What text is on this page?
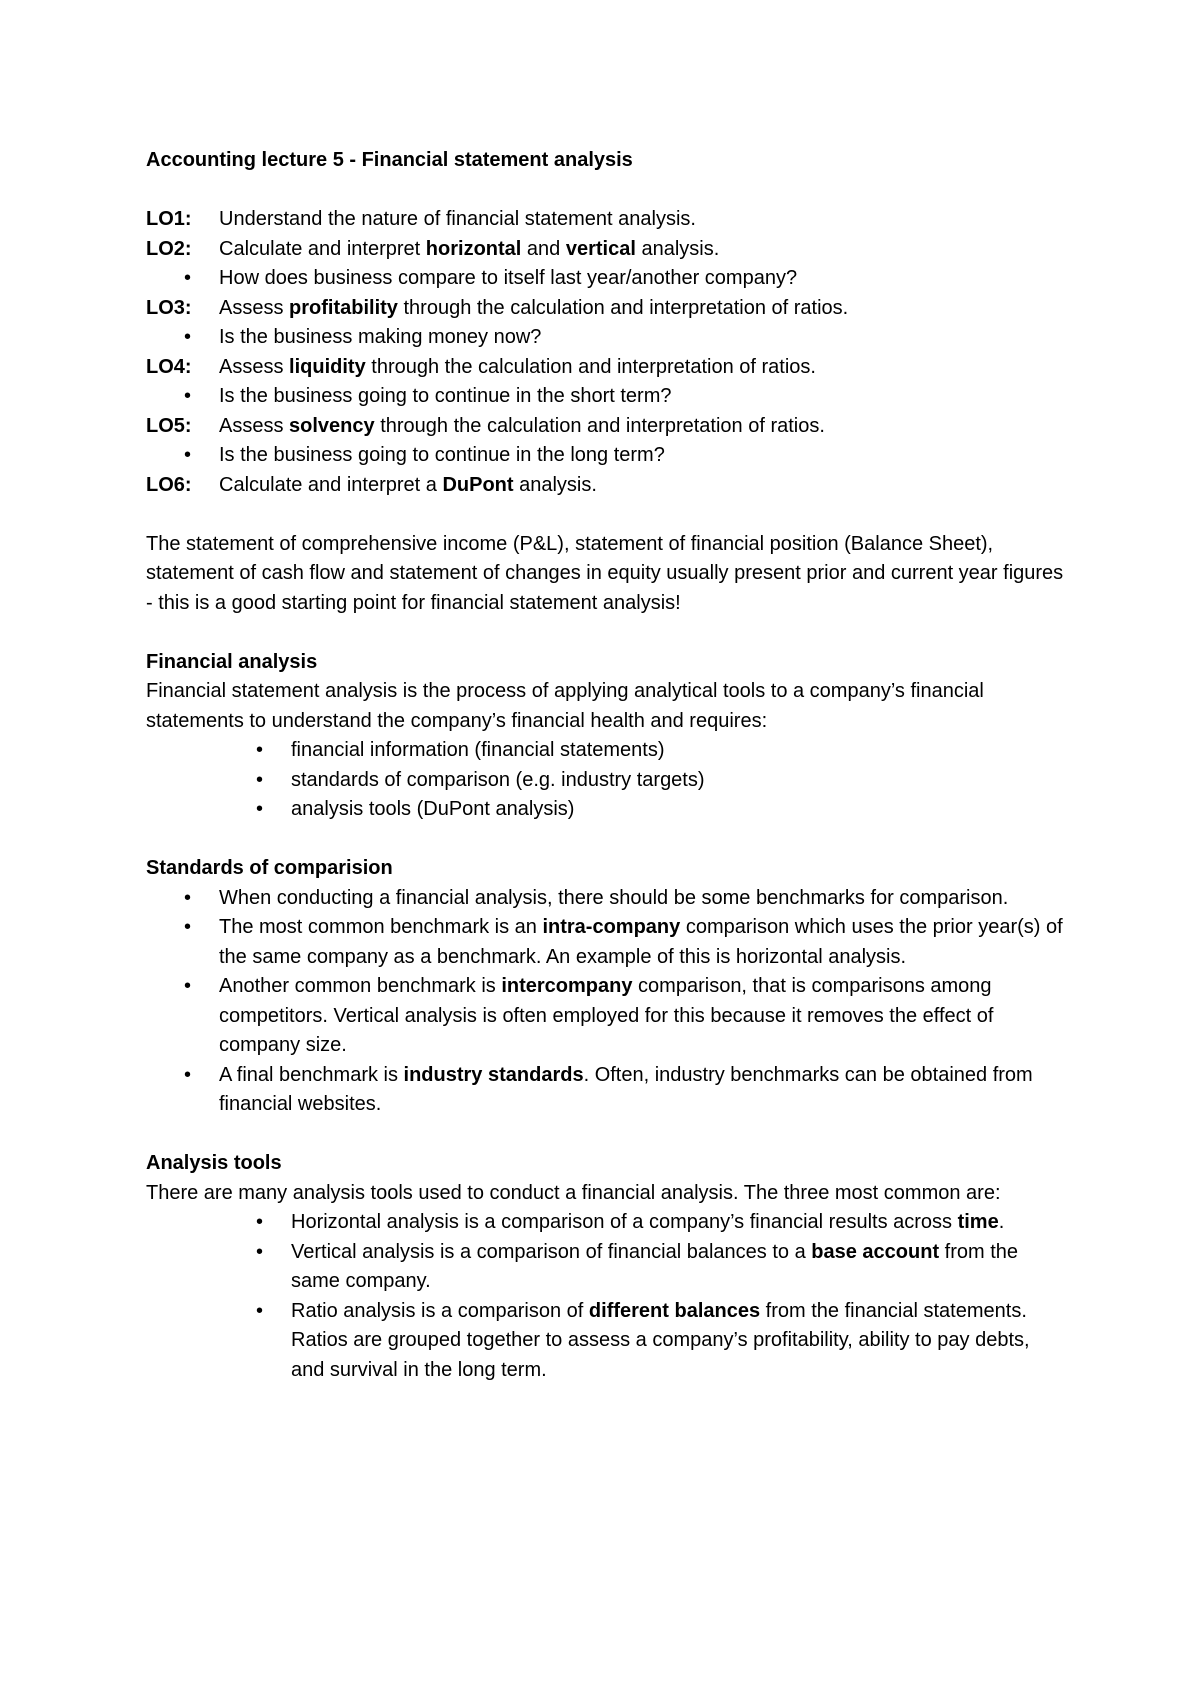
Accounting lecture 5 - Financial statement analysis
LO1:	Understand the nature of financial statement analysis.
LO2:	Calculate and interpret horizontal and vertical analysis.
•	How does business compare to itself last year/another company?
LO3:	Assess profitability through the calculation and interpretation of ratios.
•	Is the business making money now?
LO4:	Assess liquidity through the calculation and interpretation of ratios.
•	Is the business going to continue in the short term?
LO5:	Assess solvency through the calculation and interpretation of ratios.
•	Is the business going to continue in the long term?
LO6:	Calculate and interpret a DuPont analysis.

The statement of comprehensive income (P&L), statement of financial position (Balance Sheet), statement of cash flow and statement of changes in equity usually present prior and current year figures - this is a good starting point for financial statement analysis!

Financial analysis

Financial statement analysis is the process of applying analytical tools to a company’s financial statements to understand the company’s financial health and requires:

•	financial information (financial statements)
•	standards of comparison (e.g. industry targets)
•	analysis tools (DuPont analysis)
Standards of comparision
•	When conducting a financial analysis, there should be some benchmarks for comparison.
•	The most common benchmark is an intra-company comparison which uses the prior year(s) of the same company as a benchmark. An example of this is horizontal analysis.
•	Another common benchmark is intercompany comparison, that is comparisons among competitors. Vertical analysis is often employed for this because it removes the effect of company size.
•	A final benchmark is industry standards. Often, industry benchmarks can be obtained from financial websites.
Analysis tools

There are many analysis tools used to conduct a financial analysis. The three most common are:

•	Horizontal analysis is a comparison of a company’s financial results across time.
•	Vertical analysis is a comparison of financial balances to a base account from the same company.
•	Ratio analysis is a comparison of different balances from the financial statements. Ratios are grouped together to assess a company’s profitability, ability to pay debts, and survival in the long term.
